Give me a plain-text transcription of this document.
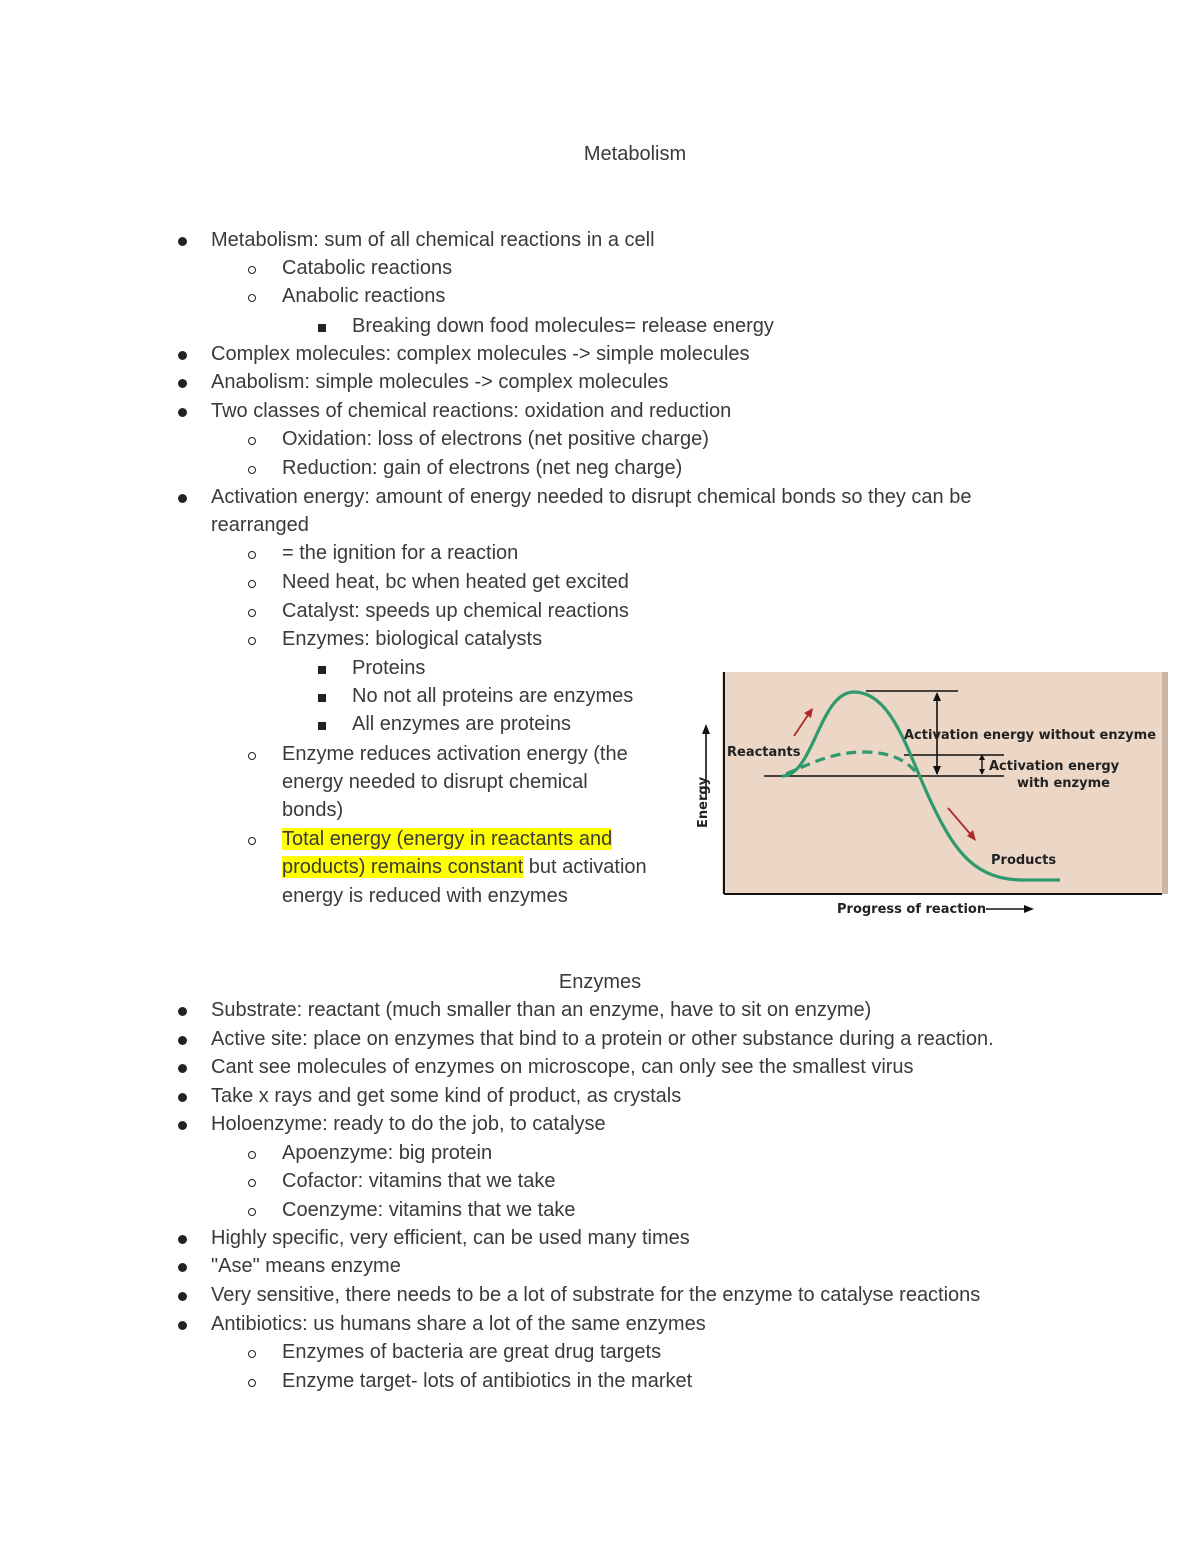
Metabolism
Metabolism: sum of all chemical reactions in a cell
Catabolic reactions
Anabolic reactions
Breaking down food molecules= release energy
Complex molecules: complex molecules -> simple molecules
Anabolism: simple molecules -> complex molecules
Two classes of chemical reactions: oxidation and reduction
Oxidation: loss of electrons (net positive charge)
Reduction: gain of electrons (net neg charge)
Activation energy: amount of energy needed to disrupt chemical bonds so they can be
rearranged
= the ignition for a reaction
Need heat, bc when heated get excited
Catalyst: speeds up chemical reactions
Enzymes: biological catalysts
Proteins
No not all proteins are enzymes
All enzymes are proteins
Enzyme reduces activation energy (the
energy needed to disrupt chemical
bonds)
Total energy (energy in reactants and
products) remains constant but activation
energy is reduced with enzymes
Energy
Reactants
Products
Activation energy without enzyme
Activation energy
with enzyme
Progress of reaction
Enzymes
Substrate: reactant (much smaller than an enzyme, have to sit on enzyme)
Active site: place on enzymes that bind to a protein or other substance during a reaction.
Cant see molecules of enzymes on microscope, can only see the smallest virus
Take x rays and get some kind of product, as crystals
Holoenzyme: ready to do the job, to catalyse
Apoenzyme: big protein
Cofactor: vitamins that we take
Coenzyme: vitamins that we take
Highly specific, very efficient, can be used many times
"Ase" means enzyme
Very sensitive, there needs to be a lot of substrate for the enzyme to catalyse reactions
Antibiotics: us humans share a lot of the same enzymes
Enzymes of bacteria are great drug targets
Enzyme target- lots of antibiotics in the market
